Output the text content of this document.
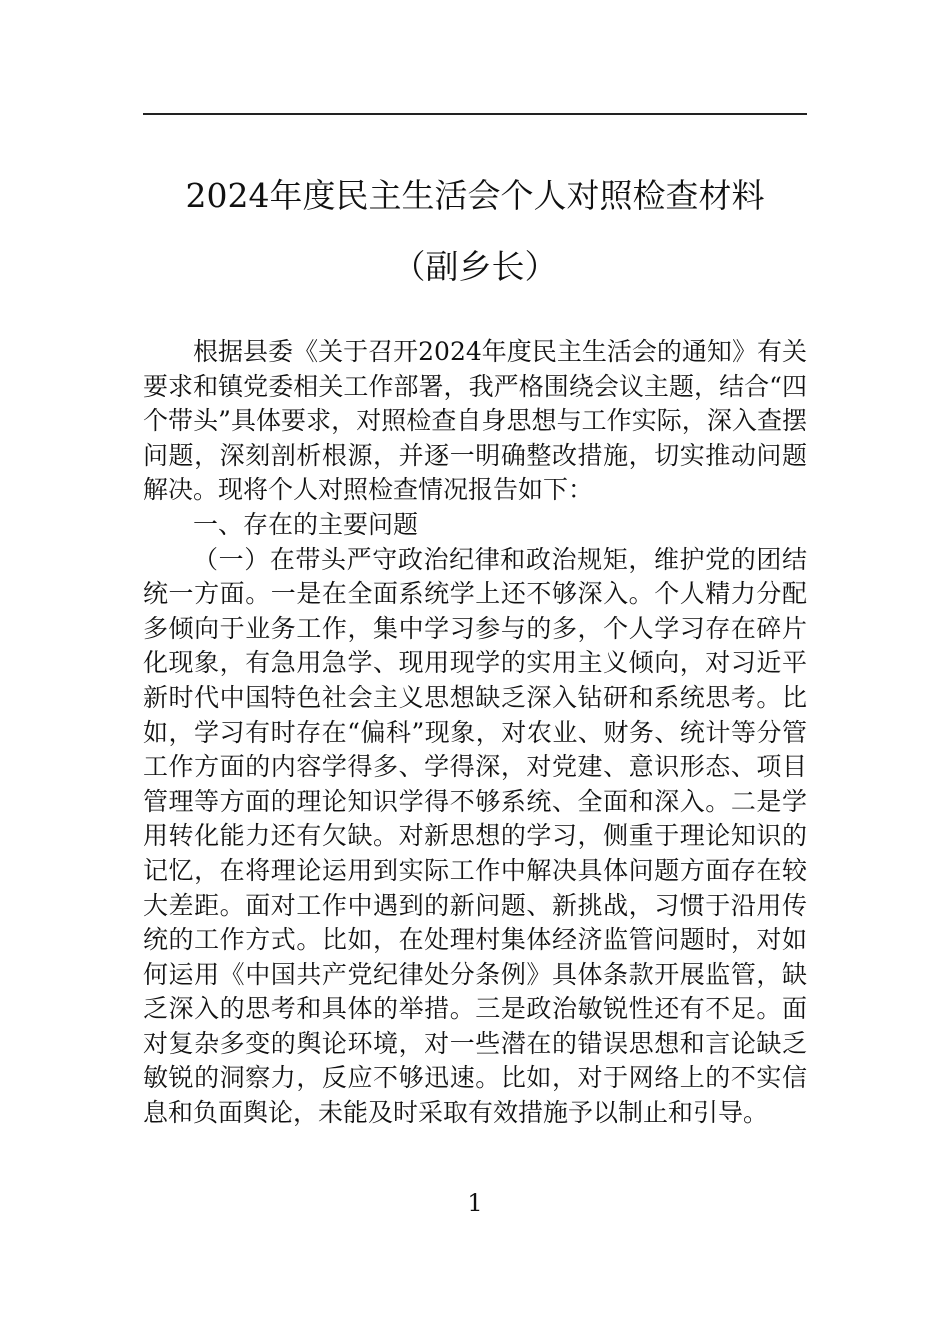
2024年度民主生活会个人对照检查材料
（副乡长）

根据县委《关于召开2024年度民主生活会的通知》有关要求和镇党委相关工作部署，我严格围绕会议主题，结合“四个带头”具体要求，对照检查自身思想与工作实际，深入查摆问题，深刻剖析根源，并逐一明确整改措施，切实推动问题解决。现将个人对照检查情况报告如下：

一、存在的主要问题

（一）在带头严守政治纪律和政治规矩，维护党的团结统一方面。一是在全面系统学上还不够深入。个人精力分配多倾向于业务工作，集中学习参与的多，个人学习存在碎片化现象，有急用急学、现用现学的实用主义倾向，对习近平新时代中国特色社会主义思想缺乏深入钻研和系统思考。比如，学习有时存在“偏科”现象，对农业、财务、统计等分管工作方面的内容学得多、学得深，对党建、意识形态、项目管理等方面的理论知识学得不够系统、全面和深入。二是学用转化能力还有欠缺。对新思想的学习，侧重于理论知识的记忆，在将理论运用到实际工作中解决具体问题方面存在较大差距。面对工作中遇到的新问题、新挑战，习惯于沿用传统的工作方式。比如，在处理村集体经济监管问题时，对如何运用《中国共产党纪律处分条例》具体条款开展监管，缺乏深入的思考和具体的举措。三是政治敏锐性还有不足。面对复杂多变的舆论环境，对一些潜在的错误思想和言论缺乏敏锐的洞察力，反应不够迅速。比如，对于网络上的不实信息和负面舆论，未能及时采取有效措施予以制止和引导。

1
